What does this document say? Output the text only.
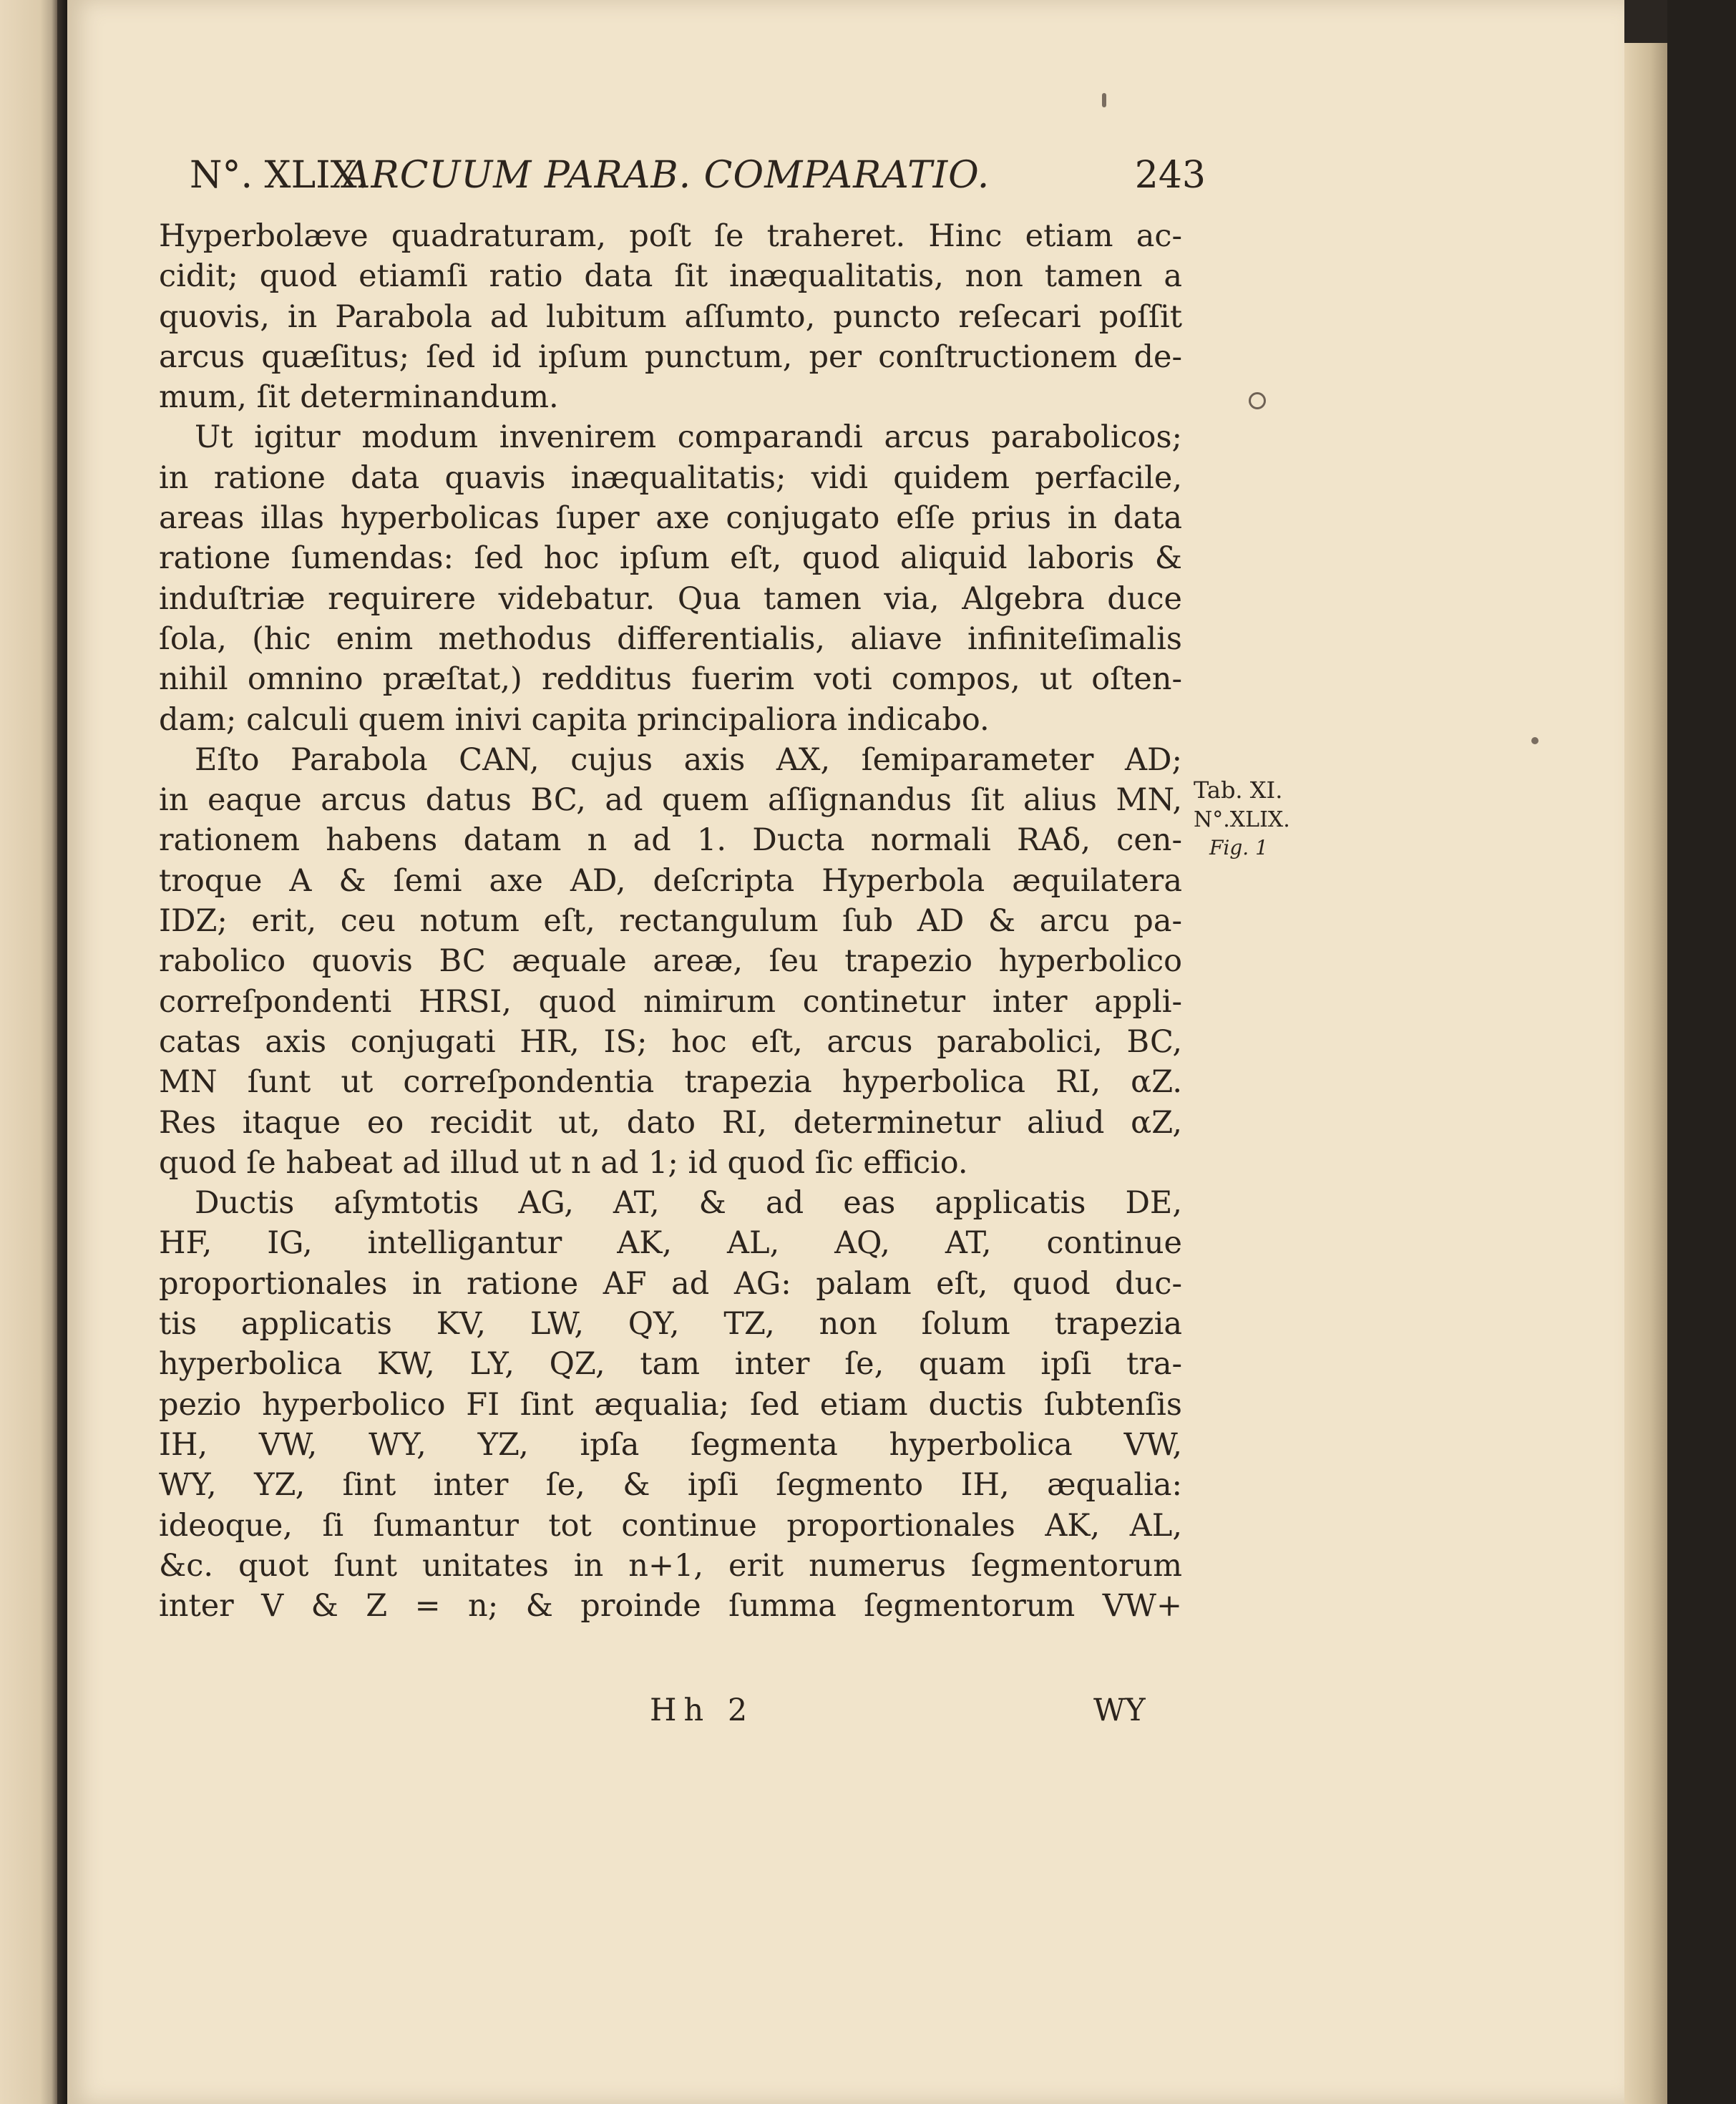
N°. XLIX.
ARCUUM PARAB. COMPARATIO.	243
Hyperbolæve quadraturam, poſt ſe traheret. Hinc etiam ac-
cidit; quod etiamſi ratio data ſit inæqualitatis, non tamen a
quovis, in Parabola ad lubitum aſſumto, puncto reſecari poſſit
arcus quæſitus; ſed id ipſum punctum, per conſtructionem de-
mum, ſit determinandum.
Ut igitur modum invenirem comparandi arcus parabolicos;
in ratione data quavis inæqualitatis; vidi quidem perfacile,
areas illas hyperbolicas ſuper axe conjugato eſſe prius in data
ratione ſumendas: ſed hoc ipſum eſt, quod aliquid laboris &
induſtriæ requirere videbatur. Qua tamen via, Algebra duce
ſola, (hic enim methodus differentialis, aliave infiniteſimalis
nihil omnino præſtat,) redditus fuerim voti compos, ut oſten-
dam; calculi quem inivi capita principaliora indicabo.
Eſto Parabola CAN, cujus axis AX, ſemiparameter AD;
in eaque arcus datus BC, ad quem aſſignandus ſit alius MN,
rationem habens datam n ad 1. Ducta normali RAδ, cen-
troque A & ſemi axe AD, deſcripta Hyperbola æquilatera
IDZ; erit, ceu notum eſt, rectangulum ſub AD & arcu pa-
rabolico quovis BC æquale areæ, ſeu trapezio hyperbolico
correſpondenti HRSI, quod nimirum continetur inter appli-
catas axis conjugati HR, IS; hoc eſt, arcus parabolici, BC,
MN ſunt ut correſpondentia trapezia hyperbolica RI, αZ.
Res itaque eo recidit ut, dato RI, determinetur aliud αZ,
quod ſe habeat ad illud ut n ad 1; id quod ſic efficio.
Ductis aſymtotis AG, AT, & ad eas applicatis DE,
HF, IG, intelligantur AK, AL, AQ, AT, continue
proportionales in ratione AF ad AG: palam eſt, quod duc-
tis applicatis KV, LW, QY, TZ, non ſolum trapezia
hyperbolica KW, LY, QZ, tam inter ſe, quam ipſi tra-
pezio hyperbolico FI ſint æqualia; ſed etiam ductis ſubtenſis
IH, VW, WY, YZ, ipſa ſegmenta hyperbolica VW,
WY, YZ, ſint inter ſe, & ipſi ſegmento IH, æqualia:
ideoque, ſi ſumantur tot continue proportionales AK, AL,
&c. quot ſunt unitates in n+1, erit numerus ſegmentorum
inter V & Z = n; & proinde ſumma ſegmentorum VW+
Tab. XI.
N°.XLIX.
Fig. 1
Hh 2	WY
